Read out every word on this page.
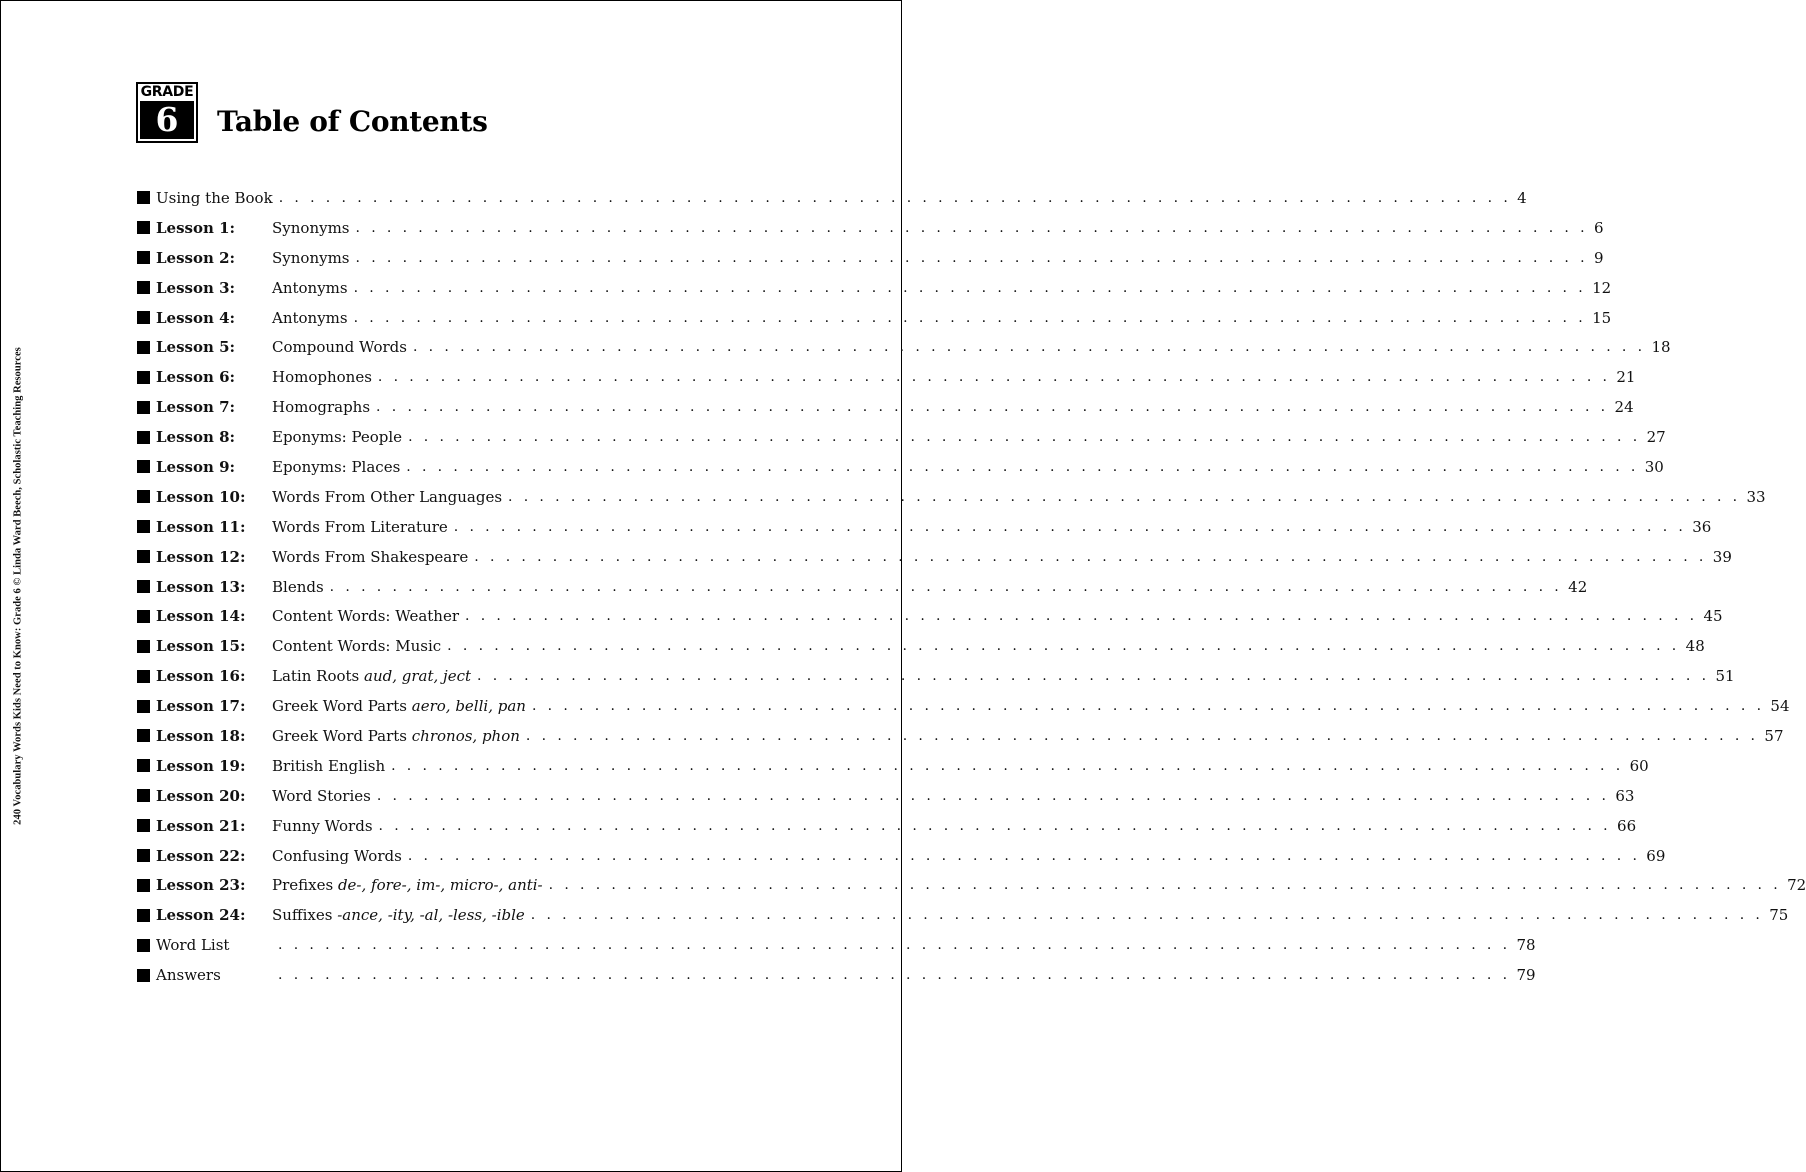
240 Vocabulary Words Kids Need to Know: Grade 6 © Linda Ward Beech, Scholastic Teaching Resources
GRADE
6	Table of Contents
Using the Book . . . . . . . . . . . . . . . . . . . . . . . . . . . . . . . . . . . . . . . . . . . . . . . . . . . . . . . . . . . . . . . . . . . . . . . . . . . . . . . 4
Lesson 1:	Synonyms . . . . . . . . . . . . . . . . . . . . . . . . . . . . . . . . . . . . . . . . . . . . . . . . . . . . . . . . . . . . . . . . . . . . . . . . . . . . . . . 6
Lesson 2:	Synonyms . . . . . . . . . . . . . . . . . . . . . . . . . . . . . . . . . . . . . . . . . . . . . . . . . . . . . . . . . . . . . . . . . . . . . . . . . . . . . . . 9
Lesson 3:	Antonyms . . . . . . . . . . . . . . . . . . . . . . . . . . . . . . . . . . . . . . . . . . . . . . . . . . . . . . . . . . . . . . . . . . . . . . . . . . . . . . . 12
Lesson 4:	Antonyms . . . . . . . . . . . . . . . . . . . . . . . . . . . . . . . . . . . . . . . . . . . . . . . . . . . . . . . . . . . . . . . . . . . . . . . . . . . . . . . 15
Lesson 5:	Compound Words . . . . . . . . . . . . . . . . . . . . . . . . . . . . . . . . . . . . . . . . . . . . . . . . . . . . . . . . . . . . . . . . . . . . . . . . . . . . . . . 18
Lesson 6:	Homophones . . . . . . . . . . . . . . . . . . . . . . . . . . . . . . . . . . . . . . . . . . . . . . . . . . . . . . . . . . . . . . . . . . . . . . . . . . . . . . . 21
Lesson 7:	Homographs . . . . . . . . . . . . . . . . . . . . . . . . . . . . . . . . . . . . . . . . . . . . . . . . . . . . . . . . . . . . . . . . . . . . . . . . . . . . . . . 24
Lesson 8:	Eponyms: People . . . . . . . . . . . . . . . . . . . . . . . . . . . . . . . . . . . . . . . . . . . . . . . . . . . . . . . . . . . . . . . . . . . . . . . . . . . . . . . 27
Lesson 9:	Eponyms: Places . . . . . . . . . . . . . . . . . . . . . . . . . . . . . . . . . . . . . . . . . . . . . . . . . . . . . . . . . . . . . . . . . . . . . . . . . . . . . . . 30
Lesson 10:	Words From Other Languages . . . . . . . . . . . . . . . . . . . . . . . . . . . . . . . . . . . . . . . . . . . . . . . . . . . . . . . . . . . . . . . . . . . . . . . . . . . . . . . 33
Lesson 11:	Words From Literature . . . . . . . . . . . . . . . . . . . . . . . . . . . . . . . . . . . . . . . . . . . . . . . . . . . . . . . . . . . . . . . . . . . . . . . . . . . . . . . 36
Lesson 12:	Words From Shakespeare . . . . . . . . . . . . . . . . . . . . . . . . . . . . . . . . . . . . . . . . . . . . . . . . . . . . . . . . . . . . . . . . . . . . . . . . . . . . . . . 39
Lesson 13:	Blends . . . . . . . . . . . . . . . . . . . . . . . . . . . . . . . . . . . . . . . . . . . . . . . . . . . . . . . . . . . . . . . . . . . . . . . . . . . . . . . 42
Lesson 14:	Content Words: Weather . . . . . . . . . . . . . . . . . . . . . . . . . . . . . . . . . . . . . . . . . . . . . . . . . . . . . . . . . . . . . . . . . . . . . . . . . . . . . . . 45
Lesson 15:	Content Words: Music . . . . . . . . . . . . . . . . . . . . . . . . . . . . . . . . . . . . . . . . . . . . . . . . . . . . . . . . . . . . . . . . . . . . . . . . . . . . . . . 48
Lesson 16:	Latin Roots aud, grat, ject . . . . . . . . . . . . . . . . . . . . . . . . . . . . . . . . . . . . . . . . . . . . . . . . . . . . . . . . . . . . . . . . . . . . . . . . . . . . . . . 51
Lesson 17:	Greek Word Parts aero, belli, pan . . . . . . . . . . . . . . . . . . . . . . . . . . . . . . . . . . . . . . . . . . . . . . . . . . . . . . . . . . . . . . . . . . . . . . . . . . . . . . . 54
Lesson 18:	Greek Word Parts chronos, phon . . . . . . . . . . . . . . . . . . . . . . . . . . . . . . . . . . . . . . . . . . . . . . . . . . . . . . . . . . . . . . . . . . . . . . . . . . . . . . . 57
Lesson 19:	British English . . . . . . . . . . . . . . . . . . . . . . . . . . . . . . . . . . . . . . . . . . . . . . . . . . . . . . . . . . . . . . . . . . . . . . . . . . . . . . . 60
Lesson 20:	Word Stories . . . . . . . . . . . . . . . . . . . . . . . . . . . . . . . . . . . . . . . . . . . . . . . . . . . . . . . . . . . . . . . . . . . . . . . . . . . . . . . 63
Lesson 21:	Funny Words . . . . . . . . . . . . . . . . . . . . . . . . . . . . . . . . . . . . . . . . . . . . . . . . . . . . . . . . . . . . . . . . . . . . . . . . . . . . . . . 66
Lesson 22:	Confusing Words . . . . . . . . . . . . . . . . . . . . . . . . . . . . . . . . . . . . . . . . . . . . . . . . . . . . . . . . . . . . . . . . . . . . . . . . . . . . . . . 69
Lesson 23:	Prefixes de-, fore-, im-, micro-, anti- . . . . . . . . . . . . . . . . . . . . . . . . . . . . . . . . . . . . . . . . . . . . . . . . . . . . . . . . . . . . . . . . . . . . . . . . . . . . . . . 72
Lesson 24:	Suffixes -ance, -ity, -al, -less, -ible . . . . . . . . . . . . . . . . . . . . . . . . . . . . . . . . . . . . . . . . . . . . . . . . . . . . . . . . . . . . . . . . . . . . . . . . . . . . . . . 75
Word List	. . . . . . . . . . . . . . . . . . . . . . . . . . . . . . . . . . . . . . . . . . . . . . . . . . . . . . . . . . . . . . . . . . . . . . . . . . . . . . . 78
Answers	. . . . . . . . . . . . . . . . . . . . . . . . . . . . . . . . . . . . . . . . . . . . . . . . . . . . . . . . . . . . . . . . . . . . . . . . . . . . . . . 79
